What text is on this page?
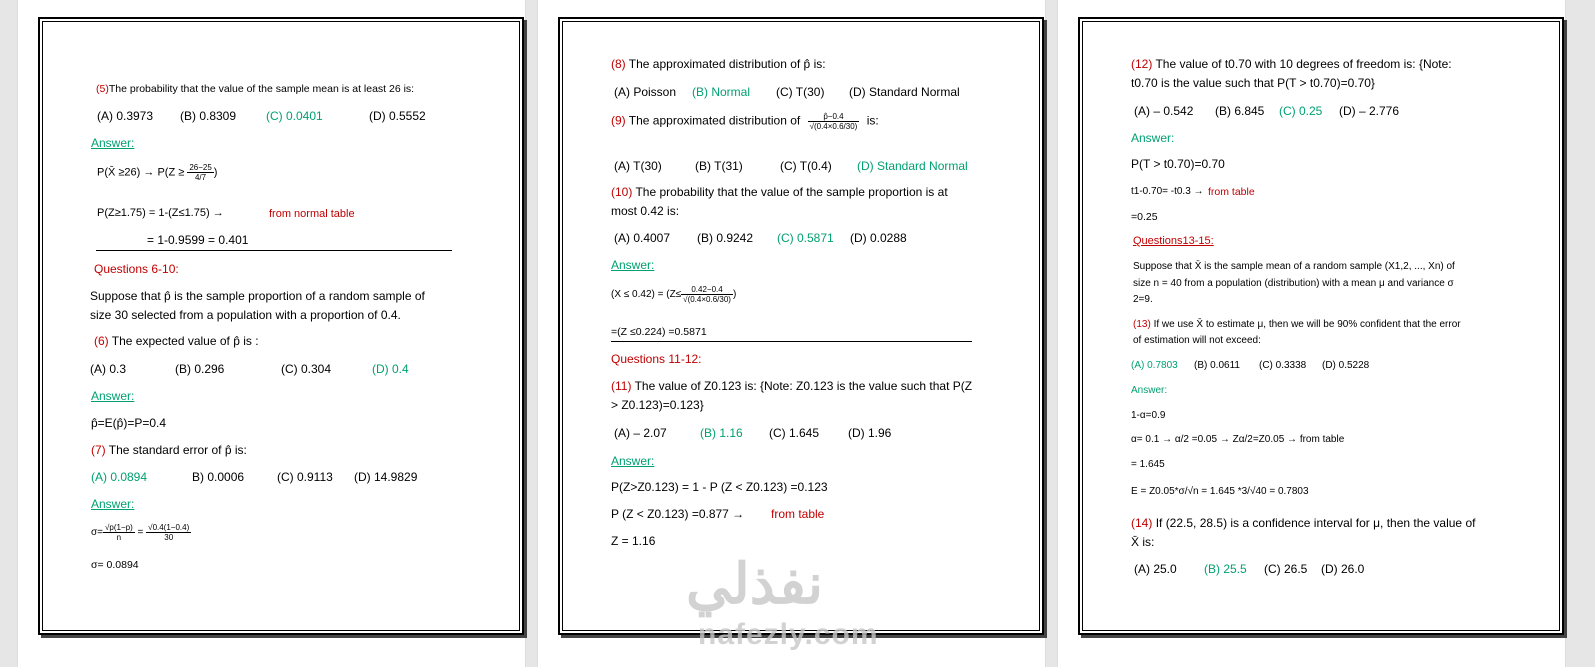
(5)The probability that the value of the sample mean is at least 26 is:
(A) 0.3973 (B) 0.8309 (C) 0.0401	(D) 0.5552
Answer:
P(X̄ $\ge 26) \to P(Z \ge \frac{26-25}{4/7}$ )
P(Z≥1.75) = 1-(Z≤1.75) →	from normal table
= 1-0.9599 = 0.401
Questions 6-10:
Suppose that p̂ is the sample proportion of a random sample of
size 30 selected from a population with a proportion of 0.4.
(6) The expected value of p̂ is :
(A) 0.3	(B) 0.296	(C) 0.304	(D) 0.4
Answer:
p̂=E(p̂)=P=0.4
(7) The standard error of p̂ is:
(A) 0.0894	B) 0.0006	(C) 0.9113 (D) 14.9829
Answer:
$\sigma= \frac{√p(1-p)}{n} = \frac{√0.4(1-0.4)}{30}$
σ= 0.0894
(8) The approximated distribution of p̂ is:
(A) Poisson (B) Normal (C) T(30) (D) Standard Normal
(9) The approximated distribution of $\frac{p̂-0.4}{√(0.4\times 0.6/30)}$ is:
(A) T(30)	(B) T(31)	(C) T(0.4) (D) Standard Normal
(10) The probability that the value of the sample proportion is at
most 0.42 is:
(A) 0.4007 (B) 0.9242 (C) 0.5871 (D) 0.0288
Answer:
$(X \le 0.42) = (Z\le \frac{0.42-0.4}{√(0.4\times 0.6/30)}$ )
=(Z ≤0.224) =0.5871
Questions 11-12:
(11) The value of Z0.123 is: {Note: Z0.123 is the value such that P(Z
> Z0.123)=0.123}
(A) – 2.07	(B) 1.16 (C) 1.645 (D) 1.96
Answer:
P(Z>Z0.123) = 1 - P (Z < Z0.123) =0.123
P (Z < Z0.123) =0.877 → from table
Z = 1.16
(12) The value of t0.70 with 10 degrees of freedom is: {Note:
t0.70 is the value such that P(T > t0.70)=0.70}
(A) – 0.542 (B) 6.845 (C) 0.25 (D) – 2.776
Answer:
P(T > t0.70)=0.70
t1-0.70= -t0.3 → from table
=0.25
Questions13-15:
Suppose that X̄ is the sample mean of a random sample (X1,2, ..., Xn) of
size n = 40 from a population (distribution) with a mean μ and variance σ
2=9.
(13) If we use X̄ to estimate μ, then we will be 90% confident that the error
of estimation will not exceed:
(A) 0.7803 (B) 0.0611 (C) 0.3338 (D) 0.5228
Answer:
1-α=0.9
α= 0.1 → α/2 =0.05 → Zα/2=Z0.05 → from table
= 1.645
E = Z0.05*σ/√n = 1.645 *3/√40 = 0.7803
(14) If (22.5, 28.5) is a confidence interval for μ, then the value of
X̄ is:
(A) 25.0 (B) 25.5 (C) 26.5 (D) 26.0
نفذلي
nafezly.com
